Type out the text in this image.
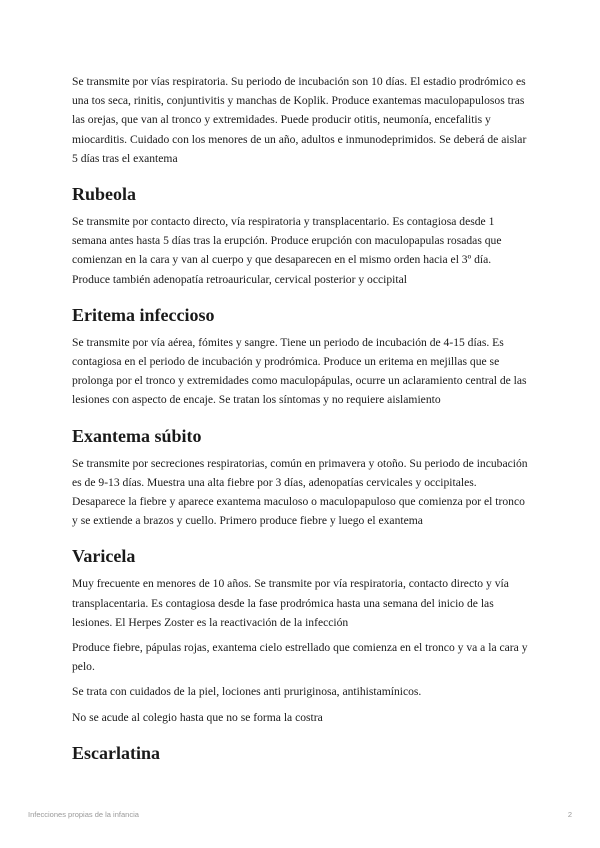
Se transmite por vías respiratoria. Su periodo de incubación son 10 días. El estadio prodrómico es una tos seca, rinitis, conjuntivitis y manchas de Koplik. Produce exantemas maculopapulosos tras las orejas, que van al tronco y extremidades. Puede producir otitis, neumonía, encefalitis y miocarditis. Cuidado con los menores de un año, adultos e inmunodeprimidos. Se deberá de aislar 5 días tras el exantema

Rubeola

Se transmite por contacto directo, vía respiratoria y transplacentario. Es contagiosa desde 1 semana antes hasta 5 días tras la erupción. Produce erupción con maculopapulas rosadas que comienzan en la cara y van al cuerpo y que desaparecen en el mismo orden hacia el 3º día. Produce también adenopatía retroauricular, cervical posterior y occipital

Eritema infeccioso

Se transmite por vía aérea, fómites y sangre. Tiene un periodo de incubación de 4-15 días. Es contagiosa en el periodo de incubación y prodrómica. Produce un eritema en mejillas que se prolonga por el tronco y extremidades como maculopápulas, ocurre un aclaramiento central de las lesiones con aspecto de encaje. Se tratan los síntomas y no requiere aislamiento

Exantema súbito

Se transmite por secreciones respiratorias, común en primavera y otoño. Su periodo de incubación es de 9-13 días. Muestra una alta fiebre por 3 días, adenopatías cervicales y occipitales. Desaparece la fiebre y aparece exantema maculoso o maculopapuloso que comienza por el tronco y se extiende a brazos y cuello. Primero produce fiebre y luego el exantema

Varicela

Muy frecuente en menores de 10 años. Se transmite por vía respiratoria, contacto directo y vía transplacentaria. Es contagiosa desde la fase prodrómica hasta una semana del inicio de las lesiones. El Herpes Zoster es la reactivación de la infección

Produce fiebre, pápulas rojas, exantema cielo estrellado que comienza en el tronco y va a la cara y pelo.

Se trata con cuidados de la piel, lociones anti pruriginosa, antihistamínicos.

No se acude al colegio hasta que no se forma la costra

Escarlatina
Infecciones propias de la infancia	2
